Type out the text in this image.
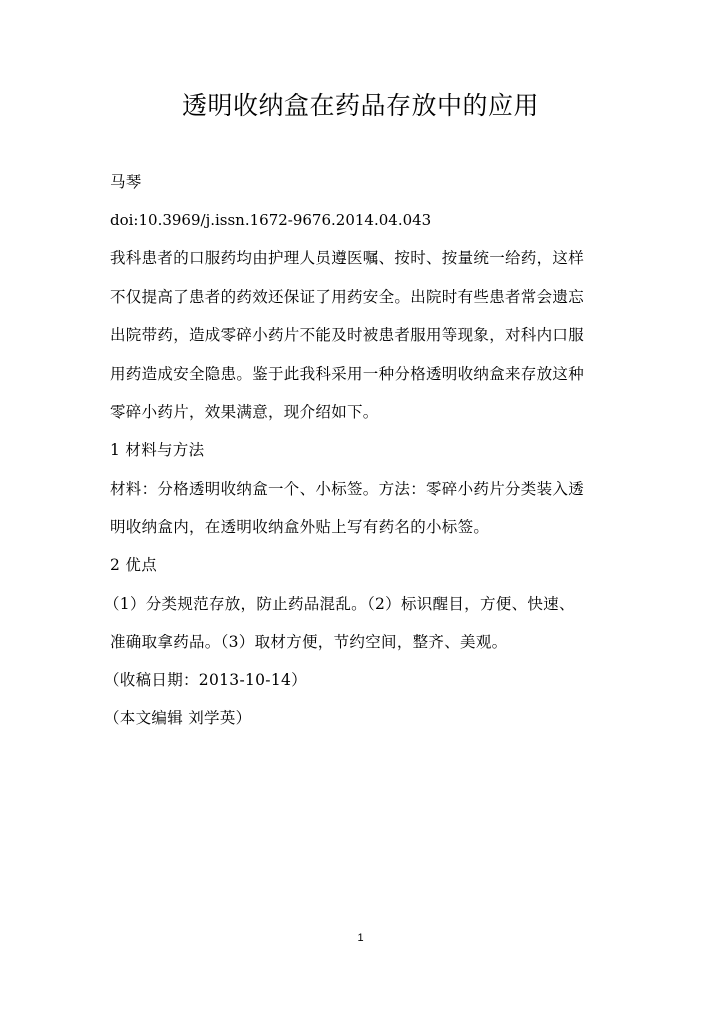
透明收纳盒在药品存放中的应用
马琴
doi:10.3969/j.issn.1672-9676.2014.04.043
我科患者的口服药均由护理人员遵医嘱、按时、按量统一给药，这样
不仅提高了患者的药效还保证了用药安全。出院时有些患者常会遗忘
出院带药，造成零碎小药片不能及时被患者服用等现象，对科内口服
用药造成安全隐患。鉴于此我科采用一种分格透明收纳盒来存放这种
零碎小药片，效果满意，现介绍如下。
1 材料与方法
材料：分格透明收纳盒一个、小标签。方法：零碎小药片分类装入透
明收纳盒内，在透明收纳盒外贴上写有药名的小标签。
2 优点
（1）分类规范存放，防止药品混乱。（2）标识醒目，方便、快速、
准确取拿药品。（3）取材方便，节约空间，整齐、美观。
（收稿日期：2013-10-14）
（本文编辑 刘学英）
1
